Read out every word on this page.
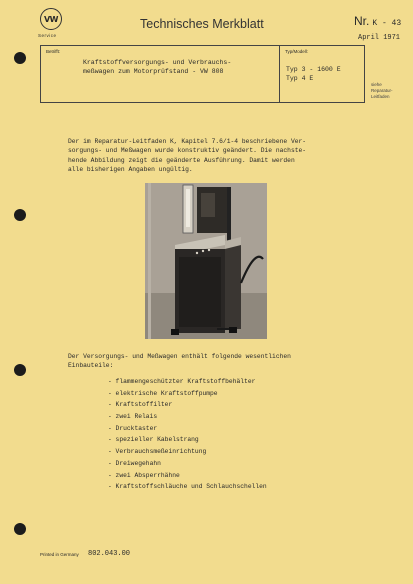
VW
Service
Technisches Merkblatt	Nr. K - 43
April 1971
Betrifft:
Kraftstoffversorgungs- und Verbrauchs-
meßwagen zum Motorprüfstand - VW 808
Typ/Modell:
Typ 3 - 1600 E
Typ 4 E
siehe
Reparatur-
Leitfaden
Der im Reparatur-Leitfaden K, Kapitel 7.6/1-4 beschriebene Ver-
sorgungs- und Meßwagen wurde konstruktiv geändert. Die nachste-
hende Abbildung zeigt die geänderte Ausführung. Damit werden
alle bisherigen Angaben ungültig.
Der Versorgungs- und Meßwagen enthält folgende wesentlichen
Einbauteile:
- flammengeschützter Kraftstoffbehälter
- elektrische Kraftstoffpumpe
- Kraftstoffilter
- zwei Relais
- Drucktaster
- spezieller Kabelstrang
- Verbrauchsmeßeinrichtung
- Dreiwegehahn
- zwei Absperrhähne
- Kraftstoffschläuche und Schlauchschellen
Printed in Germany 802.043.00
